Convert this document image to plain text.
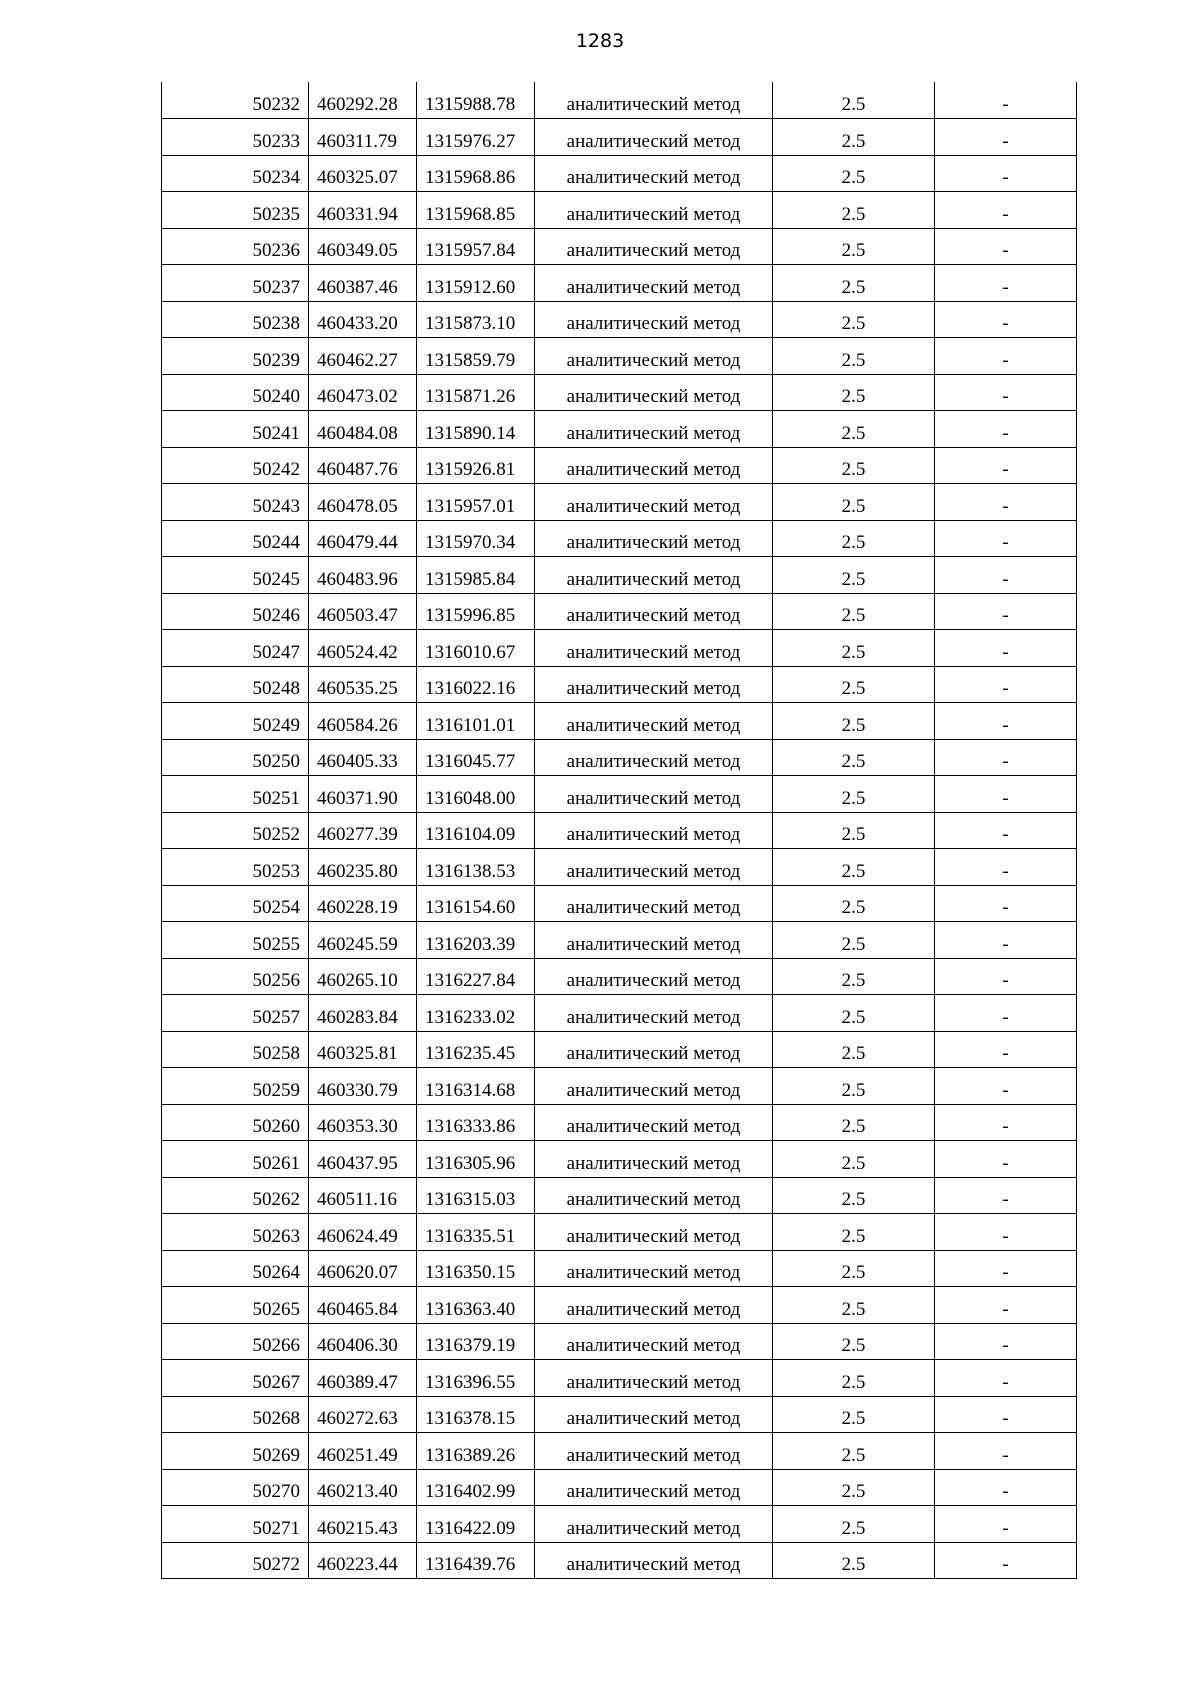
1283
50232	460292.28	1315988.78	аналитический метод	2.5	-
50233	460311.79	1315976.27	аналитический метод	2.5	-
50234	460325.07	1315968.86	аналитический метод	2.5	-
50235	460331.94	1315968.85	аналитический метод	2.5	-
50236	460349.05	1315957.84	аналитический метод	2.5	-
50237	460387.46	1315912.60	аналитический метод	2.5	-
50238	460433.20	1315873.10	аналитический метод	2.5	-
50239	460462.27	1315859.79	аналитический метод	2.5	-
50240	460473.02	1315871.26	аналитический метод	2.5	-
50241	460484.08	1315890.14	аналитический метод	2.5	-
50242	460487.76	1315926.81	аналитический метод	2.5	-
50243	460478.05	1315957.01	аналитический метод	2.5	-
50244	460479.44	1315970.34	аналитический метод	2.5	-
50245	460483.96	1315985.84	аналитический метод	2.5	-
50246	460503.47	1315996.85	аналитический метод	2.5	-
50247	460524.42	1316010.67	аналитический метод	2.5	-
50248	460535.25	1316022.16	аналитический метод	2.5	-
50249	460584.26	1316101.01	аналитический метод	2.5	-
50250	460405.33	1316045.77	аналитический метод	2.5	-
50251	460371.90	1316048.00	аналитический метод	2.5	-
50252	460277.39	1316104.09	аналитический метод	2.5	-
50253	460235.80	1316138.53	аналитический метод	2.5	-
50254	460228.19	1316154.60	аналитический метод	2.5	-
50255	460245.59	1316203.39	аналитический метод	2.5	-
50256	460265.10	1316227.84	аналитический метод	2.5	-
50257	460283.84	1316233.02	аналитический метод	2.5	-
50258	460325.81	1316235.45	аналитический метод	2.5	-
50259	460330.79	1316314.68	аналитический метод	2.5	-
50260	460353.30	1316333.86	аналитический метод	2.5	-
50261	460437.95	1316305.96	аналитический метод	2.5	-
50262	460511.16	1316315.03	аналитический метод	2.5	-
50263	460624.49	1316335.51	аналитический метод	2.5	-
50264	460620.07	1316350.15	аналитический метод	2.5	-
50265	460465.84	1316363.40	аналитический метод	2.5	-
50266	460406.30	1316379.19	аналитический метод	2.5	-
50267	460389.47	1316396.55	аналитический метод	2.5	-
50268	460272.63	1316378.15	аналитический метод	2.5	-
50269	460251.49	1316389.26	аналитический метод	2.5	-
50270	460213.40	1316402.99	аналитический метод	2.5	-
50271	460215.43	1316422.09	аналитический метод	2.5	-
50272	460223.44	1316439.76	аналитический метод	2.5	-
